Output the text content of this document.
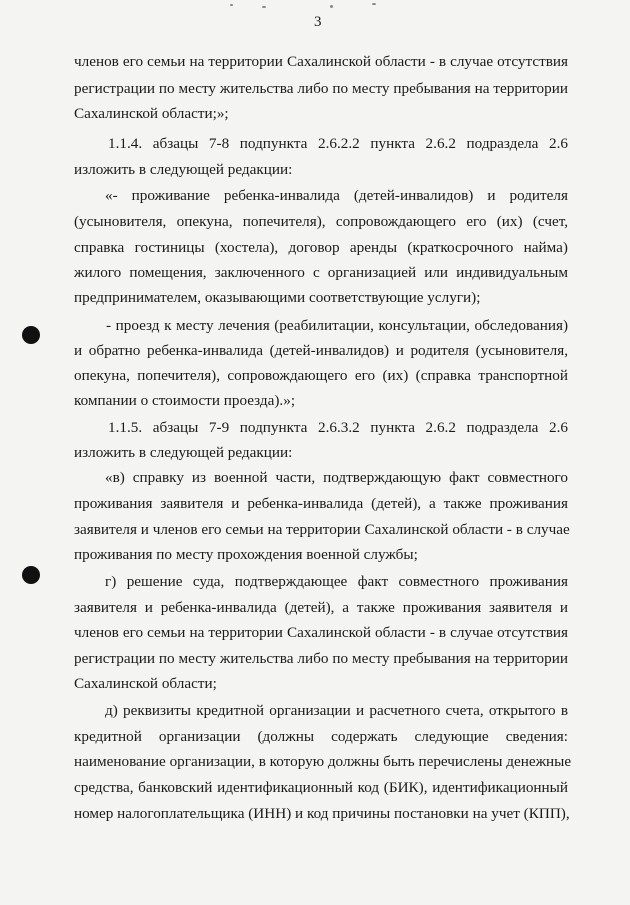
3
членов его семьи на территории Сахалинской области - в случае отсутствия
регистрации по месту жительства либо по месту пребывания на территории
Сахалинской области;»;
1.1.4. абзацы 7-8 подпункта 2.6.2.2 пункта 2.6.2 подраздела 2.6
изложить в следующей редакции:
«- проживание ребенка-инвалида (детей-инвалидов) и родителя
(усыновителя, опекуна, попечителя), сопровождающего его (их) (счет,
справка гостиницы (хостела), договор аренды (краткосрочного найма)
жилого помещения, заключенного с организацией или индивидуальным
предпринимателем, оказывающими соответствующие услуги);
- проезд к месту лечения (реабилитации, консультации, обследования)
и обратно ребенка-инвалида (детей-инвалидов) и родителя (усыновителя,
опекуна, попечителя), сопровождающего его (их) (справка транспортной
компании о стоимости проезда).»;
1.1.5. абзацы 7-9 подпункта 2.6.3.2 пункта 2.6.2 подраздела 2.6
изложить в следующей редакции:
«в) справку из военной части, подтверждающую факт совместного
проживания заявителя и ребенка-инвалида (детей), а также проживания
заявителя и членов его семьи на территории Сахалинской области - в случае
проживания по месту прохождения военной службы;
г) решение суда, подтверждающее факт совместного проживания
заявителя и ребенка-инвалида (детей), а также проживания заявителя и
членов его семьи на территории Сахалинской области - в случае отсутствия
регистрации по месту жительства либо по месту пребывания на территории
Сахалинской области;
д) реквизиты кредитной организации и расчетного счета, открытого в
кредитной организации (должны содержать следующие сведения:
наименование организации, в которую должны быть перечислены денежные
средства, банковский идентификационный код (БИК), идентификационный
номер налогоплательщика (ИНН) и код причины постановки на учет (КПП),
